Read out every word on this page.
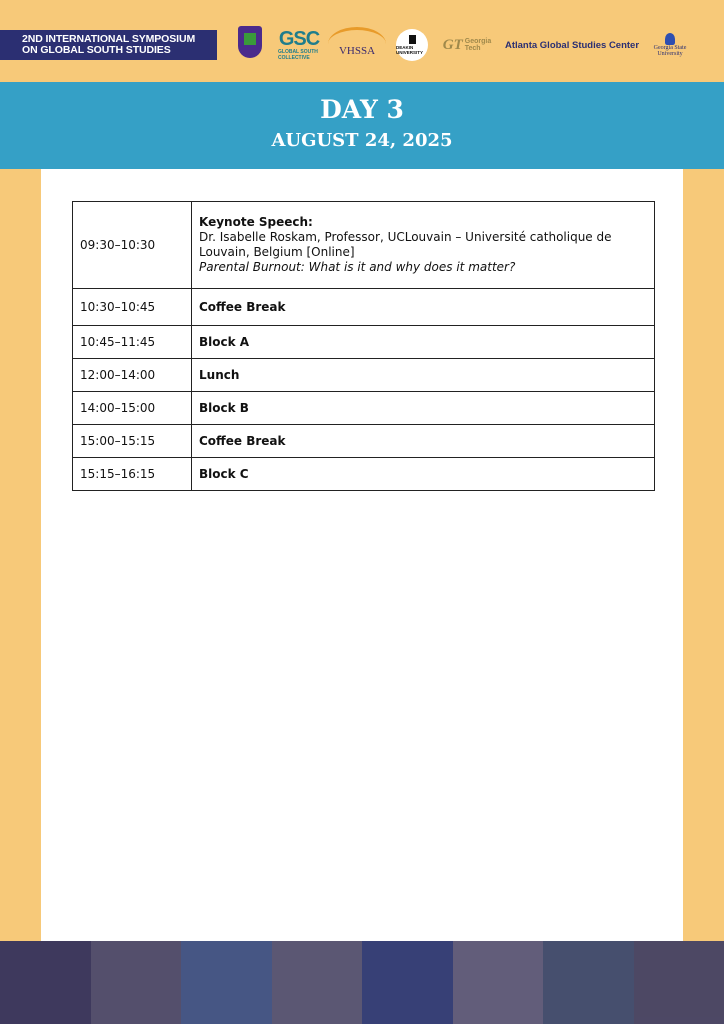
2ND INTERNATIONAL SYMPOSIUM
ON GLOBAL SOUTH STUDIES	GSC
GLOBAL SOUTH COLLECTIVE
VHSSA	DEAKIN UNIVERSITY	GT Georgia
Tech	Atlanta Global Studies Center	Georgia State
University
DAY 3
AUGUST 24, 2025
09:30–10:30	Keynote Speech:
Dr. Isabelle Roskam, Professor, UCLouvain – Université catholique de Louvain, Belgium [Online]
Parental Burnout: What is it and why does it matter?

10:30–10:45	Coffee Break
10:45–11:45	Block A
12:00–14:00	Lunch
14:00–15:00	Block B
15:00–15:15	Coffee Break
15:15–16:15	Block C
